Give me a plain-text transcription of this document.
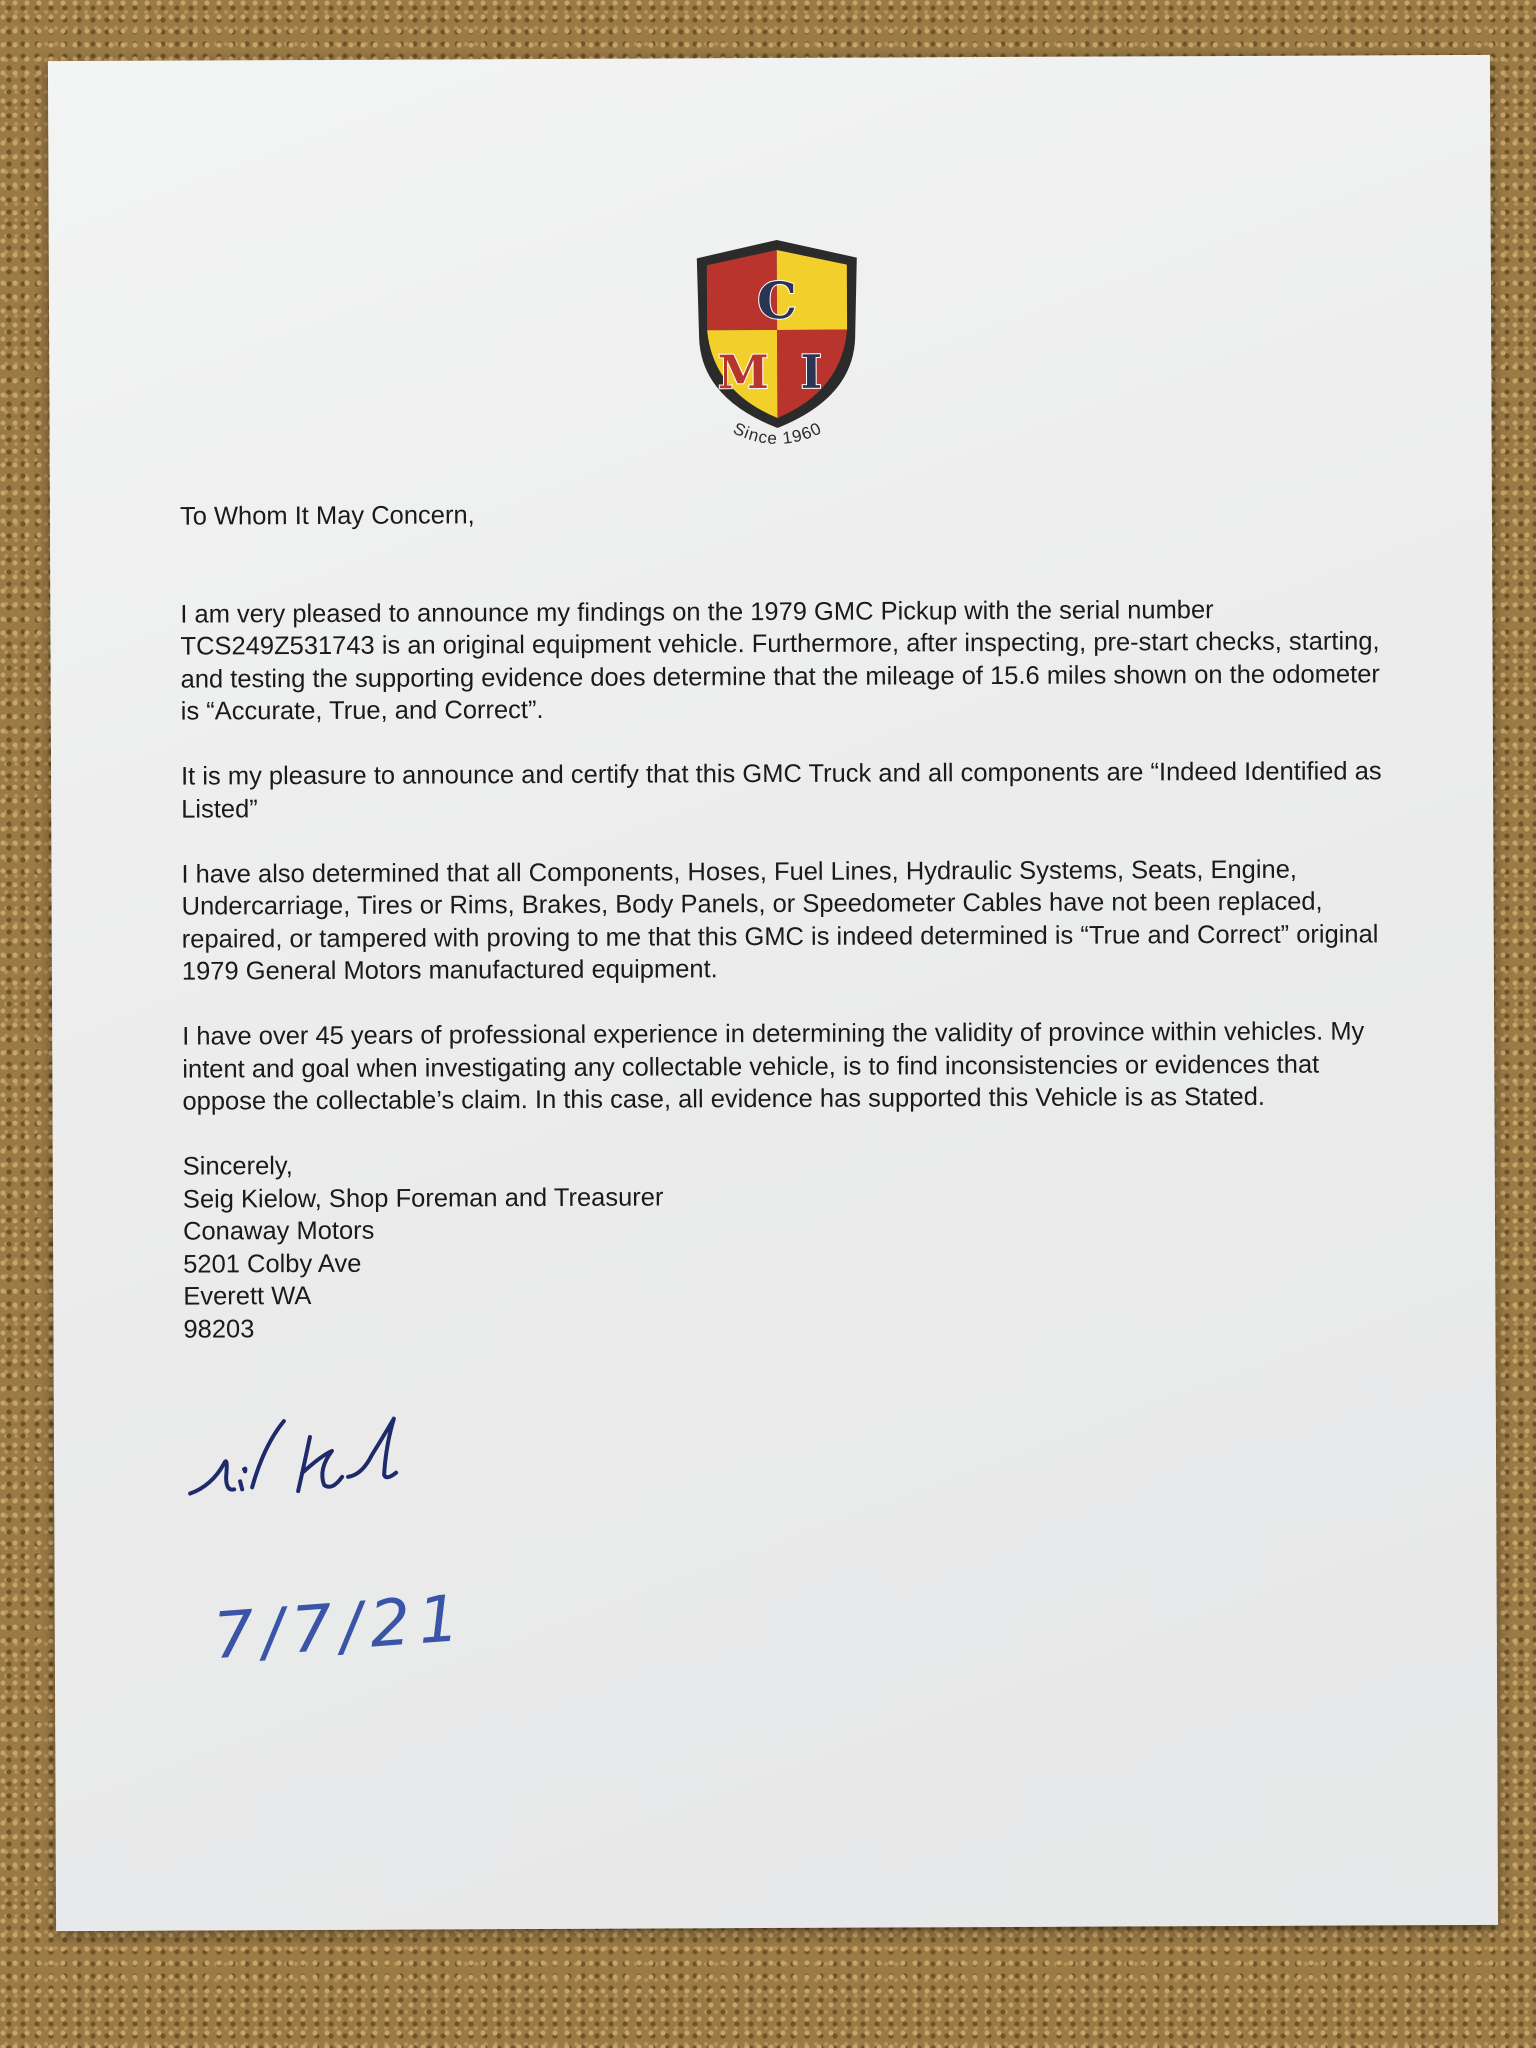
C
M I
Since 1960

To Whom It May Concern,

I am very pleased to announce my findings on the 1979 GMC Pickup with the serial number TCS249Z531743 is an original equipment vehicle. Furthermore, after inspecting, pre-start checks, starting, and testing the supporting evidence does determine that the mileage of 15.6 miles shown on the odometer is “Accurate, True, and Correct”.

It is my pleasure to announce and certify that this GMC Truck and all components are “Indeed Identified as Listed”

I have also determined that all Components, Hoses, Fuel Lines, Hydraulic Systems, Seats, Engine, Undercarriage, Tires or Rims, Brakes, Body Panels, or Speedometer Cables have not been replaced, repaired, or tampered with proving to me that this GMC is indeed determined is “True and Correct” original 1979 General Motors manufactured equipment.

I have over 45 years of professional experience in determining the validity of province within vehicles. My intent and goal when investigating any collectable vehicle, is to find inconsistencies or evidences that oppose the collectable’s claim. In this case, all evidence has supported this Vehicle is as Stated.

Sincerely,
Seig Kielow, Shop Foreman and Treasurer
Conaway Motors
5201 Colby Ave
Everett WA
98203
7/7/21
